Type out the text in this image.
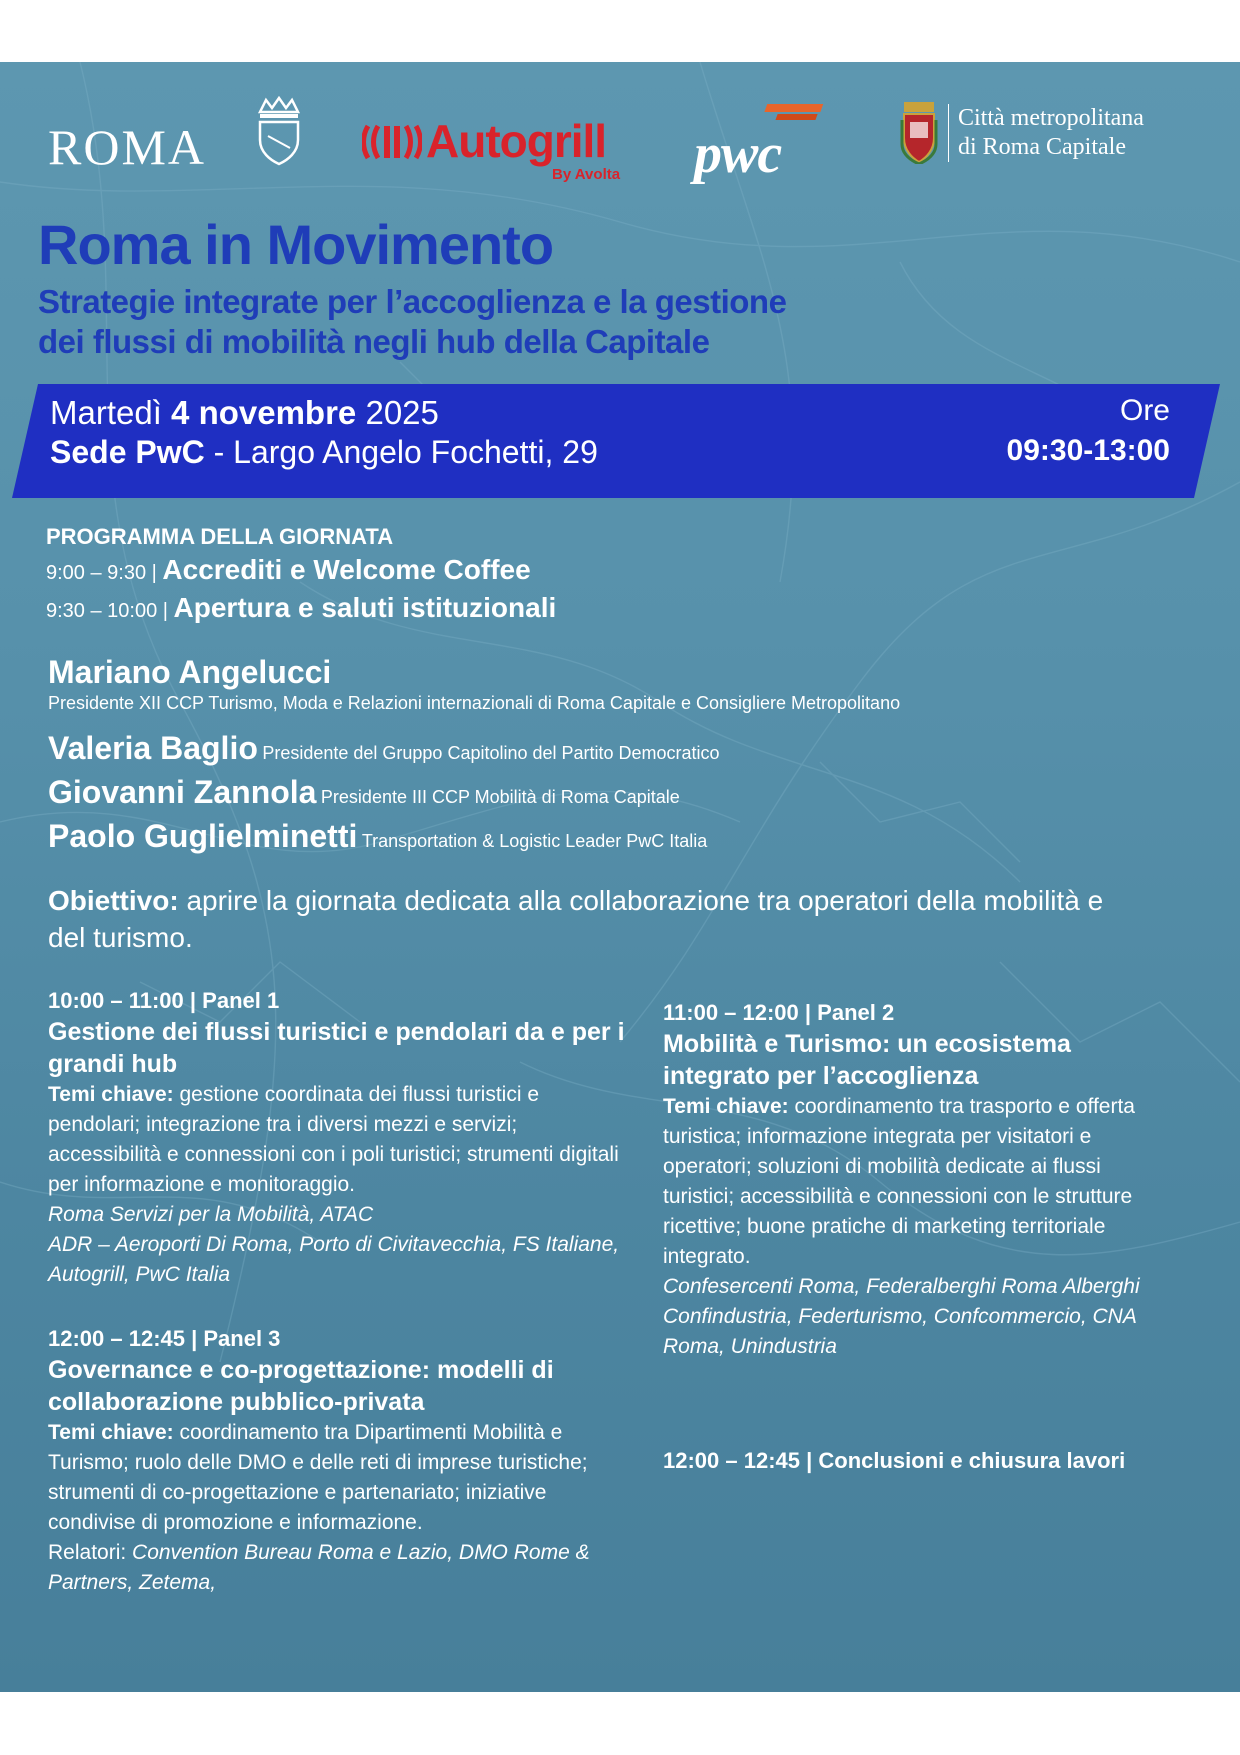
ROMA	Autogrill
By Avolta pwc
Città metropolitana
di Roma Capitale
Roma in Movimento
Strategie integrate per l’accoglienza e la gestione
dei flussi di mobilità negli hub della Capitale
Martedì 4 novembre 2025
Sede PwC - Largo Angelo Fochetti, 29
Ore
09:30-13:00
PROGRAMMA DELLA GIORNATA
9:00 – 9:30 | Accrediti e Welcome Coffee
9:30 – 10:00 | Apertura e saluti istituzionali
Mariano Angelucci
Presidente XII CCP Turismo, Moda e Relazioni internazionali di Roma Capitale e Consigliere Metropolitano
Valeria Baglio Presidente del Gruppo Capitolino del Partito Democratico
Giovanni Zannola Presidente III CCP Mobilità di Roma Capitale
Paolo Guglielminetti Transportation & Logistic Leader PwC Italia
Obiettivo: aprire la giornata dedicata alla collaborazione tra operatori della mobilità e del turismo.
10:00 – 11:00 | Panel 1
Gestione dei flussi turistici e pendolari da e per i grandi hub
Temi chiave: gestione coordinata dei flussi turistici e pendolari; integrazione tra i diversi mezzi e servizi; accessibilità e connessioni con i poli turistici; strumenti digitali per informazione e monitoraggio.
Roma Servizi per la Mobilità, ATAC
ADR – Aeroporti Di Roma, Porto di Civitavecchia, FS Italiane, Autogrill, PwC Italia
12:00 – 12:45 | Panel 3
Governance e co-progettazione: modelli di collaborazione pubblico-privata
Temi chiave: coordinamento tra Dipartimenti Mobilità e Turismo; ruolo delle DMO e delle reti di imprese turistiche; strumenti di co-progettazione e partenariato; iniziative condivise di promozione e informazione.
Relatori: Convention Bureau Roma e Lazio, DMO Rome & Partners, Zetema,
11:00 – 12:00 | Panel 2
Mobilità e Turismo: un ecosistema integrato per l’accoglienza
Temi chiave: coordinamento tra trasporto e offerta turistica; informazione integrata per visitatori e operatori; soluzioni di mobilità dedicate ai flussi turistici; accessibilità e connessioni con le strutture ricettive; buone pratiche di marketing territoriale integrato.
Confesercenti Roma, Federalberghi Roma Alberghi Confindustria, Federturismo, Confcommercio, CNA Roma, Unindustria
12:00 – 12:45 | Conclusioni e chiusura lavori
